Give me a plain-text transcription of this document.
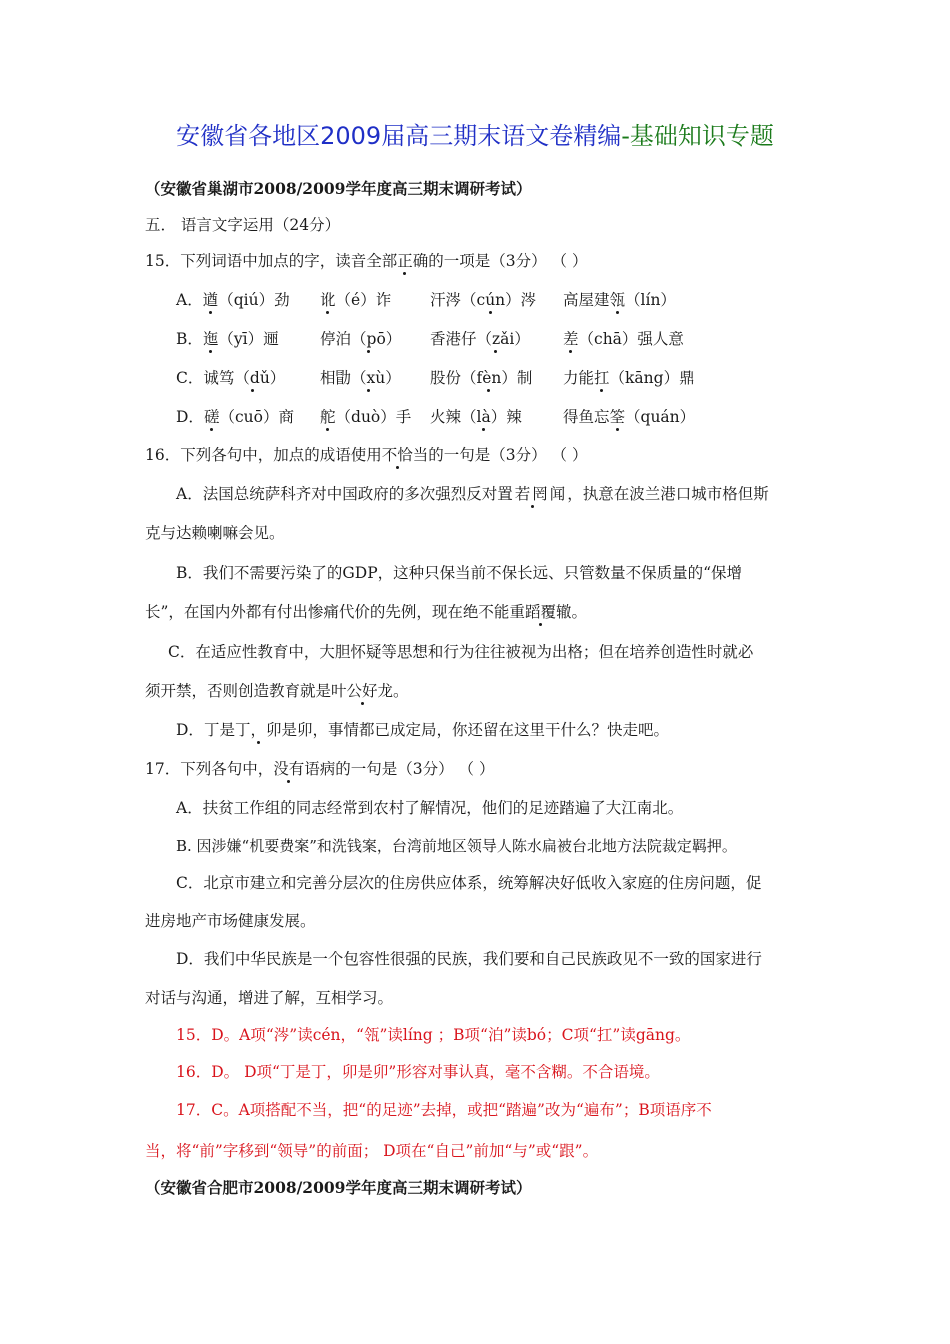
安徽省各地区2009届高三期末语文卷精编-基础知识专题
（安徽省巢湖市2008/2009学年度高三期末调研考试）
五． 语言文字运用（24分）
15．下列词语中加点的字，读音全部正确的一项是（3分） （ ）
A．遒（qiú）劲 讹（é）诈	汗涔（cún）涔 高屋建瓴（lín）
B．迤（yī）逦	停泊（pō） 香港仔（zǎi） 差（chā）强人意
C．诚笃（dǔ） 相勖（xù） 股份（fèn）制 力能扛（kāng）鼎
D．磋（cuō）商 舵（duò）手 火辣（là）辣	得鱼忘筌（quán）
16．下列各句中，加点的成语使用不恰当的一句是（3分） （ ）
A．法国总统萨科齐对中国政府的多次强烈反对置若罔闻，执意在波兰港口城市格但斯
克与达赖喇嘛会见。
B．我们不需要污染了的GDP，这种只保当前不保长远、只管数量不保质量的“保增
长”，在国内外都有付出惨痛代价的先例，现在绝不能重蹈覆辙。
C．在适应性教育中，大胆怀疑等思想和行为往往被视为出格；但在培养创造性时就必
须开禁，否则创造教育就是叶公好龙。
D．丁是丁，卯是卯，事情都已成定局，你还留在这里干什么？快走吧。
17．下列各句中，没有语病的一句是（3分） （ ）
A．扶贫工作组的同志经常到农村了解情况，他们的足迹踏遍了大江南北。
B. 因涉嫌“机要费案”和洗钱案，台湾前地区领导人陈水扁被台北地方法院裁定羁押。
C．北京市建立和完善分层次的住房供应体系，统筹解决好低收入家庭的住房问题，促
进房地产市场健康发展。
D．我们中华民族是一个包容性很强的民族，我们要和自己民族政见不一致的国家进行
对话与沟通，增进了解，互相学习。
15．D。A项“涔”读cén，“瓴”读líng ；B项“泊”读bó；C项“扛”读gāng。
16．D。 D项“丁是丁，卯是卯”形容对事认真，毫不含糊。不合语境。
17．C。A项搭配不当，把“的足迹”去掉，或把“踏遍”改为“遍布”；B项语序不
当，将“前”字移到“领导”的前面； D项在“自己”前加“与”或“跟”。
（安徽省合肥市2008/2009学年度高三期末调研考试）
